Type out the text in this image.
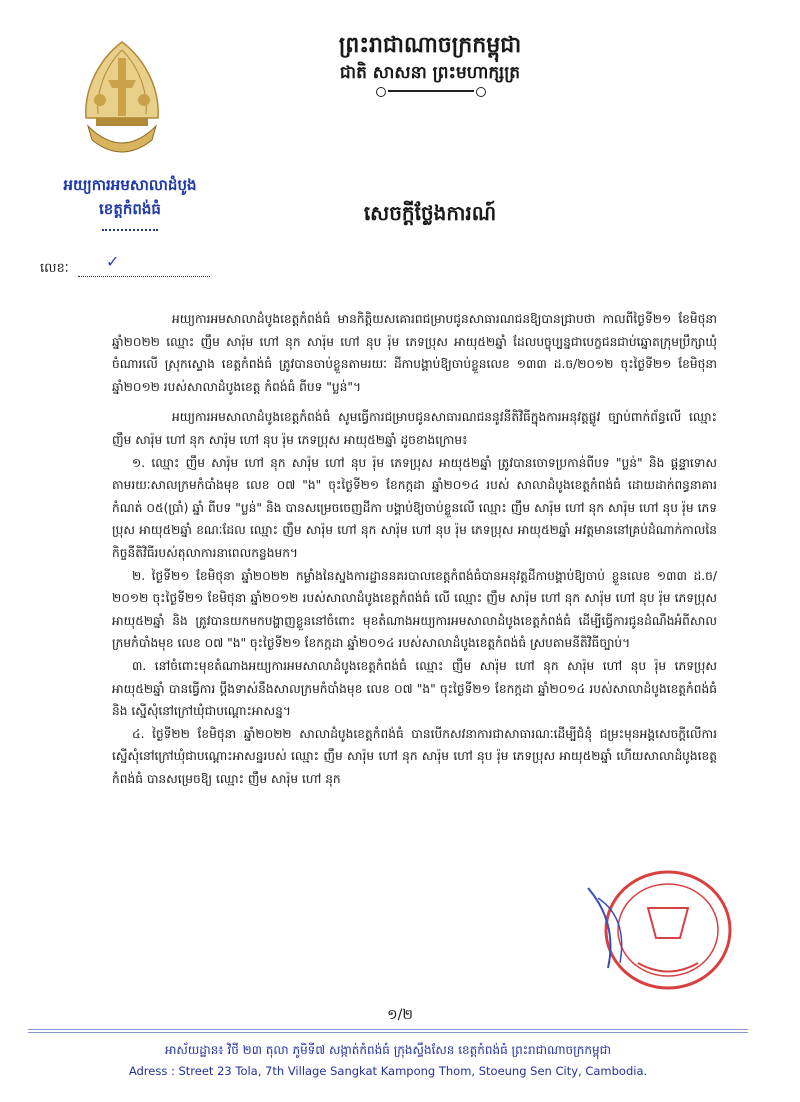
ព្រះរាជាណាចក្រកម្ពុជា
ជាតិ សាសនា ព្រះមហាក្សត្រ
អយ្យការអមសាលាដំបូង
ខេត្តកំពង់ធំ
លេខៈ ✓
សេចក្តីថ្លែងការណ៍

អយ្យការអមសាលាដំបូងខេត្តកំពង់ធំ មានកិត្តិយសគោរពជម្រាបជូនសាធារណជនឱ្យបានជ្រាបថា កាលពីថ្ងៃទី២១ ខែមិថុនា ឆ្នាំ២០២២ ឈ្មោះ ញឹម សារ៉ុម ហៅ នុក សារ៉ុម ហៅ នុប រ៉ុម ភេទប្រុស អាយុ៥២ឆ្នាំ ដែលបច្ចុប្បន្នជាបេក្ខជនជាប់ឆ្នោតក្រុមប្រឹក្សាឃុំចំណារលើ ស្រុកស្ទោង ខេត្តកំពង់ធំ ត្រូវបានចាប់ខ្លួនតាមរយៈ ដីកាបង្គាប់ឱ្យចាប់ខ្លួនលេខ ១៣៣ ដ.ច/២០១២ ចុះថ្ងៃទី២១ ខែមិថុនា ឆ្នាំ២០១២ របស់សាលាដំបូងខេត្ត កំពង់ធំ ពីបទ "ប្លន់"។

អយ្យការអមសាលាដំបូងខេត្តកំពង់ធំ សូមធ្វើការជម្រាបជូនសាធារណជននូវនីតិវិធីក្នុងការអនុវត្តផ្លូវ ច្បាប់ពាក់ព័ន្ធលើ ឈ្មោះ ញឹម សារ៉ុម ហៅ នុក សារ៉ុម ហៅ នុប រ៉ុម ភេទប្រុស អាយុ៥២ឆ្នាំ ដូចខាងក្រោម៖

១. ឈ្មោះ ញឹម សារ៉ុម ហៅ នុក សារ៉ុម ហៅ នុប រ៉ុម ភេទប្រុស អាយុ៥២ឆ្នាំ ត្រូវបានចោទប្រកាន់ពីបទ "ប្លន់" និង ផ្តន្ទាទោសតាមរយៈសាលក្រមកំបាំងមុខ លេខ ០៧ "ង" ចុះថ្ងៃទី២១ ខែកក្កដា ឆ្នាំ២០១៤ របស់ សាលាដំបូងខេត្តកំពង់ធំ ដោយដាក់ពន្ធនាគារកំណត់ ០៥(ប្រាំ) ឆ្នាំ ពីបទ "ប្លន់" និង បានសម្រេចចេញដីកា បង្គាប់ឱ្យចាប់ខ្លួនលើ ឈ្មោះ ញឹម សារ៉ុម ហៅ នុក សារ៉ុម ហៅ នុប រ៉ុម ភេទប្រុស អាយុ៥២ឆ្នាំ ខណៈដែល ឈ្មោះ ញឹម សារ៉ុម ហៅ នុក សារ៉ុម ហៅ នុប រ៉ុម ភេទប្រុស អាយុ៥២ឆ្នាំ អវត្តមាននៅគ្រប់ដំណាក់កាលនៃ កិច្ចនីតិវិធីរបស់តុលាការនាពេលកន្លងមក។

២. ថ្ងៃទី២១ ខែមិថុនា ឆ្នាំ២០២២ កម្លាំងនៃស្នងការដ្ឋាននគរបាលខេត្តកំពង់ធំបានអនុវត្តដីកាបង្គាប់ឱ្យចាប់ ខ្លួនលេខ ១៣៣ ដ.ច/២០១២ ចុះថ្ងៃទី២១ ខែមិថុនា ឆ្នាំ២០១២ របស់សាលាដំបូងខេត្តកំពង់ធំ លើ ឈ្មោះ ញឹម សារ៉ុម ហៅ នុក សារ៉ុម ហៅ នុប រ៉ុម ភេទប្រុស អាយុ៥២ឆ្នាំ និង ត្រូវបានយកមកបង្ហាញខ្លួននៅចំពោះ មុខតំណាងអយ្យការអមសាលាដំបូងខេត្តកំពង់ធំ ដើម្បីធ្វើការជូនដំណឹងអំពីសាលក្រមកំបាំងមុខ លេខ ០៧ "ង" ចុះថ្ងៃទី២១ ខែកក្កដា ឆ្នាំ២០១៤ របស់សាលាដំបូងខេត្តកំពង់ធំ ស្របតាមនីតិវិធីច្បាប់។

៣. នៅចំពោះមុខតំណាងអយ្យការអមសាលាដំបូងខេត្តកំពង់ធំ ឈ្មោះ ញឹម សារ៉ុម ហៅ នុក សារ៉ុម ហៅ នុប រ៉ុម ភេទប្រុស អាយុ៥២ឆ្នាំ បានធ្វើការ ប្តឹងទាស់នឹងសាលក្រមកំបាំងមុខ លេខ ០៧ "ង" ចុះថ្ងៃទី២១ ខែកក្កដា ឆ្នាំ២០១៤ របស់សាលាដំបូងខេត្តកំពង់ធំ និង ស្នើសុំនៅក្រៅឃុំជាបណ្តោះអាសន្ន។

៤. ថ្ងៃទី២២ ខែមិថុនា ឆ្នាំ២០២២ សាលាដំបូងខេត្តកំពង់ធំ បានបើកសវនាការជាសាធារណៈដើម្បីជំនុំ ជម្រះមុនអង្គសេចក្តីលើការស្នើសុំនៅក្រៅឃុំជាបណ្តោះអាសន្នរបស់ ឈ្មោះ ញឹម សារ៉ុម ហៅ នុក សារ៉ុម ហៅ នុប រ៉ុម ភេទប្រុស អាយុ៥២ឆ្នាំ ហើយសាលាដំបូងខេត្តកំពង់ធំ បានសម្រេចឱ្យ ឈ្មោះ ញឹម សារ៉ុម ហៅ នុក

១/២
អាស័យដ្ឋាន៖ វិថី ២៣ តុលា ភូមិទី៧ សង្កាត់កំពង់ធំ ក្រុងស្ទឹងសែន ខេត្តកំពង់ធំ ព្រះរាជាណាចក្រកម្ពុជា
Adress : Street 23 Tola, 7th Village Sangkat Kampong Thom, Stoeung Sen City, Cambodia.
